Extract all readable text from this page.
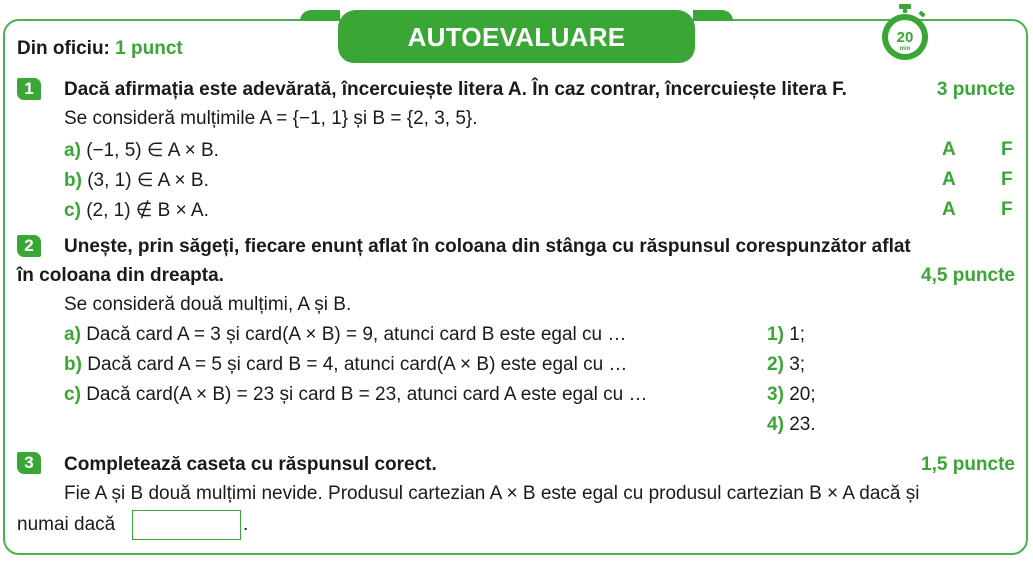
AUTOEVALUARE	20
min
Din oficiu: 1 punct
1	Dacă afirmația este adevărată, încercuiește litera A. În caz contrar, încercuiește litera F.	3 puncte
Se consideră mulțimile A = {−1, 1} și B = {2, 3, 5}.
a) (−1, 5) ∈ A × B.	A F
b) (3, 1) ∈ A × B.	A F
c) (2, 1) ∉ B × A.	A F
2	Unește, prin săgeți, fiecare enunț aflat în coloana din stânga cu răspunsul corespunzător aflat
în coloana din dreapta.	4,5 puncte
Se consideră două mulțimi, A și B.
a) Dacă card A = 3 și card(A × B) = 9, atunci card B este egal cu …
b) Dacă card A = 5 și card B = 4, atunci card(A × B) este egal cu …
c) Dacă card(A × B) = 23 și card B = 23, atunci card A este egal cu …
1) 1;
2) 3;
3) 20;
4) 23.
3	Completează caseta cu răspunsul corect.	1,5 puncte
Fie A și B două mulțimi nevide. Produsul cartezian A × B este egal cu produsul cartezian B × A dacă și
numai dacă	.
